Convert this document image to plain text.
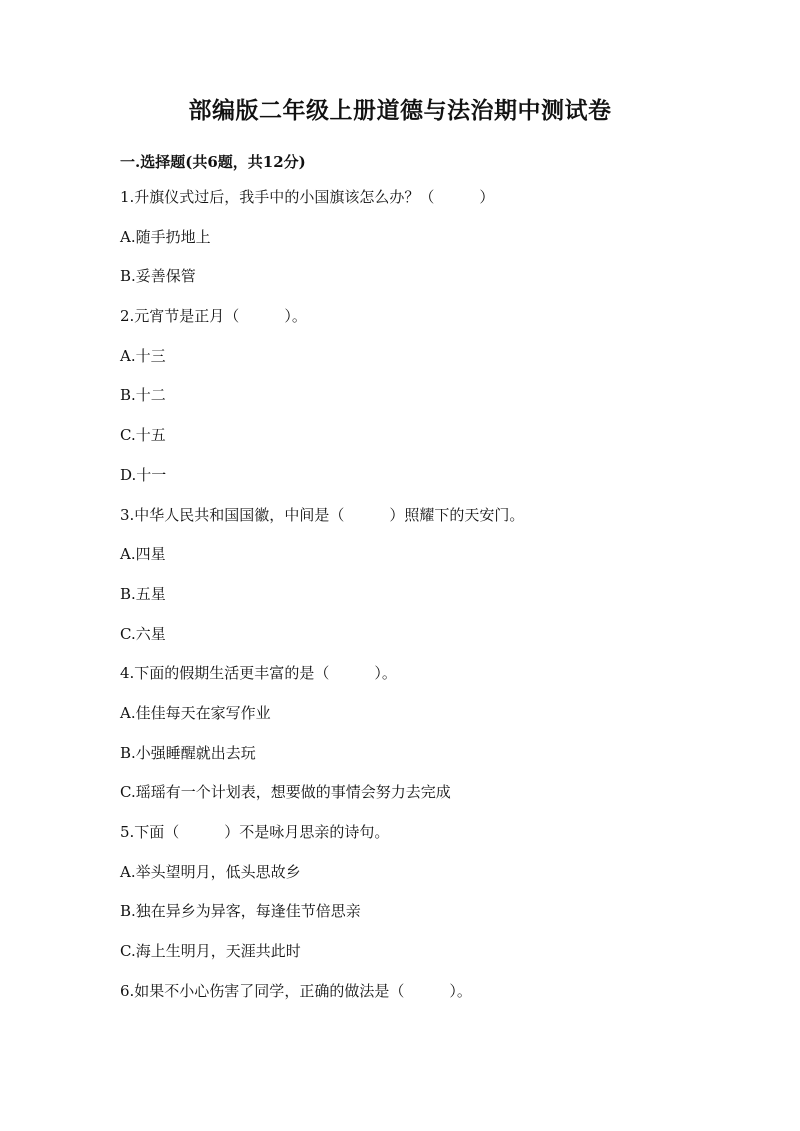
部编版二年级上册道德与法治期中测试卷
一.选择题(共6题，共12分)
1.升旗仪式过后，我手中的小国旗该怎么办？（　　　）
A.随手扔地上
B.妥善保管
2.元宵节是正月（　　　）。
A.十三
B.十二
C.十五
D.十一
3.中华人民共和国国徽，中间是（　　　）照耀下的天安门。
A.四星
B.五星
C.六星
4.下面的假期生活更丰富的是（　　　）。
A.佳佳每天在家写作业
B.小强睡醒就出去玩
C.瑶瑶有一个计划表，想要做的事情会努力去完成
5.下面（　　　）不是咏月思亲的诗句。
A.举头望明月，低头思故乡
B.独在异乡为异客，每逢佳节倍思亲
C.海上生明月，天涯共此时
6.如果不小心伤害了同学，正确的做法是（　　　）。
